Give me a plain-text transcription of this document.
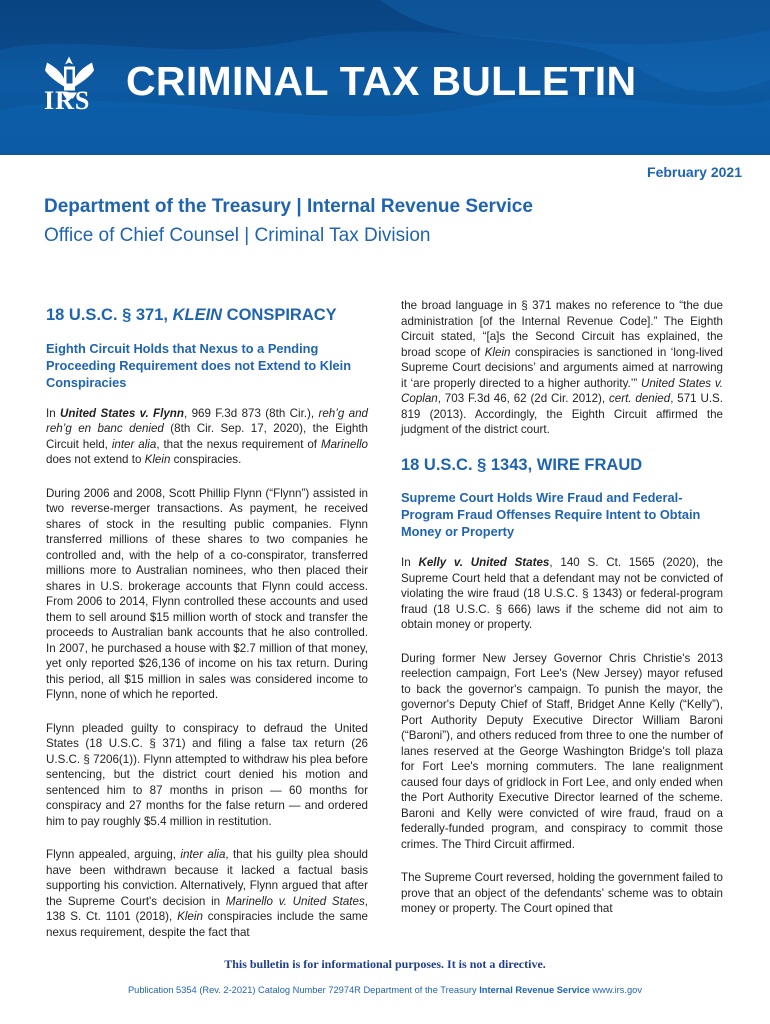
IRS CRIMINAL TAX BULLETIN
February 2021
Department of the Treasury | Internal Revenue Service
Office of Chief Counsel | Criminal Tax Division
18 U.S.C. § 371, KLEIN CONSPIRACY
Eighth Circuit Holds that Nexus to a Pending Proceeding Requirement does not Extend to Klein Conspiracies

In United States v. Flynn, 969 F.3d 873 (8th Cir.), reh’g and reh’g en banc denied (8th Cir. Sep. 17, 2020), the Eighth Circuit held, inter alia, that the nexus requirement of Marinello does not extend to Klein conspiracies.

During 2006 and 2008, Scott Phillip Flynn (“Flynn”) assisted in two reverse-merger transactions. As payment, he received shares of stock in the resulting public companies. Flynn transferred millions of these shares to two companies he controlled and, with the help of a co-conspirator, transferred millions more to Australian nominees, who then placed their shares in U.S. brokerage accounts that Flynn could access. From 2006 to 2014, Flynn controlled these accounts and used them to sell around $15 million worth of stock and transfer the proceeds to Australian bank accounts that he also controlled. In 2007, he purchased a house with $2.7 million of that money, yet only reported $26,136 of income on his tax return. During this period, all $15 million in sales was considered income to Flynn, none of which he reported.

Flynn pleaded guilty to conspiracy to defraud the United States (18 U.S.C. § 371) and filing a false tax return (26 U.S.C. § 7206(1)). Flynn attempted to withdraw his plea before sentencing, but the district court denied his motion and sentenced him to 87 months in prison — 60 months for conspiracy and 27 months for the false return — and ordered him to pay roughly $5.4 million in restitution.

Flynn appealed, arguing, inter alia, that his guilty plea should have been withdrawn because it lacked a factual basis supporting his conviction. Alternatively, Flynn argued that after the Supreme Court's decision in Marinello v. United States, 138 S. Ct. 1101 (2018), Klein conspiracies include the same nexus requirement, despite the fact that

the broad language in § 371 makes no reference to “the due administration [of the Internal Revenue Code].” The Eighth Circuit stated, “[a]s the Second Circuit has explained, the broad scope of Klein conspiracies is sanctioned in ‘long-lived Supreme Court decisions’ and arguments aimed at narrowing it ‘are properly directed to a higher authority.’” United States v. Coplan, 703 F.3d 46, 62 (2d Cir. 2012), cert. denied, 571 U.S. 819 (2013). Accordingly, the Eighth Circuit affirmed the judgment of the district court.

18 U.S.C. § 1343, WIRE FRAUD
Supreme Court Holds Wire Fraud and Federal-Program Fraud Offenses Require Intent to Obtain Money or Property

In Kelly v. United States, 140 S. Ct. 1565 (2020), the Supreme Court held that a defendant may not be convicted of violating the wire fraud (18 U.S.C. § 1343) or federal-program fraud (18 U.S.C. § 666) laws if the scheme did not aim to obtain money or property.

During former New Jersey Governor Chris Christie's 2013 reelection campaign, Fort Lee's (New Jersey) mayor refused to back the governor's campaign. To punish the mayor, the governor's Deputy Chief of Staff, Bridget Anne Kelly (“Kelly”), Port Authority Deputy Executive Director William Baroni (“Baroni”), and others reduced from three to one the number of lanes reserved at the George Washington Bridge's toll plaza for Fort Lee's morning commuters. The lane realignment caused four days of gridlock in Fort Lee, and only ended when the Port Authority Executive Director learned of the scheme. Baroni and Kelly were convicted of wire fraud, fraud on a federally-funded program, and conspiracy to commit those crimes. The Third Circuit affirmed.

The Supreme Court reversed, holding the government failed to prove that an object of the defendants’ scheme was to obtain money or property. The Court opined that

This bulletin is for informational purposes. It is not a directive.
Publication 5354 (Rev. 2-2021) Catalog Number 72974R Department of the Treasury Internal Revenue Service www.irs.gov
